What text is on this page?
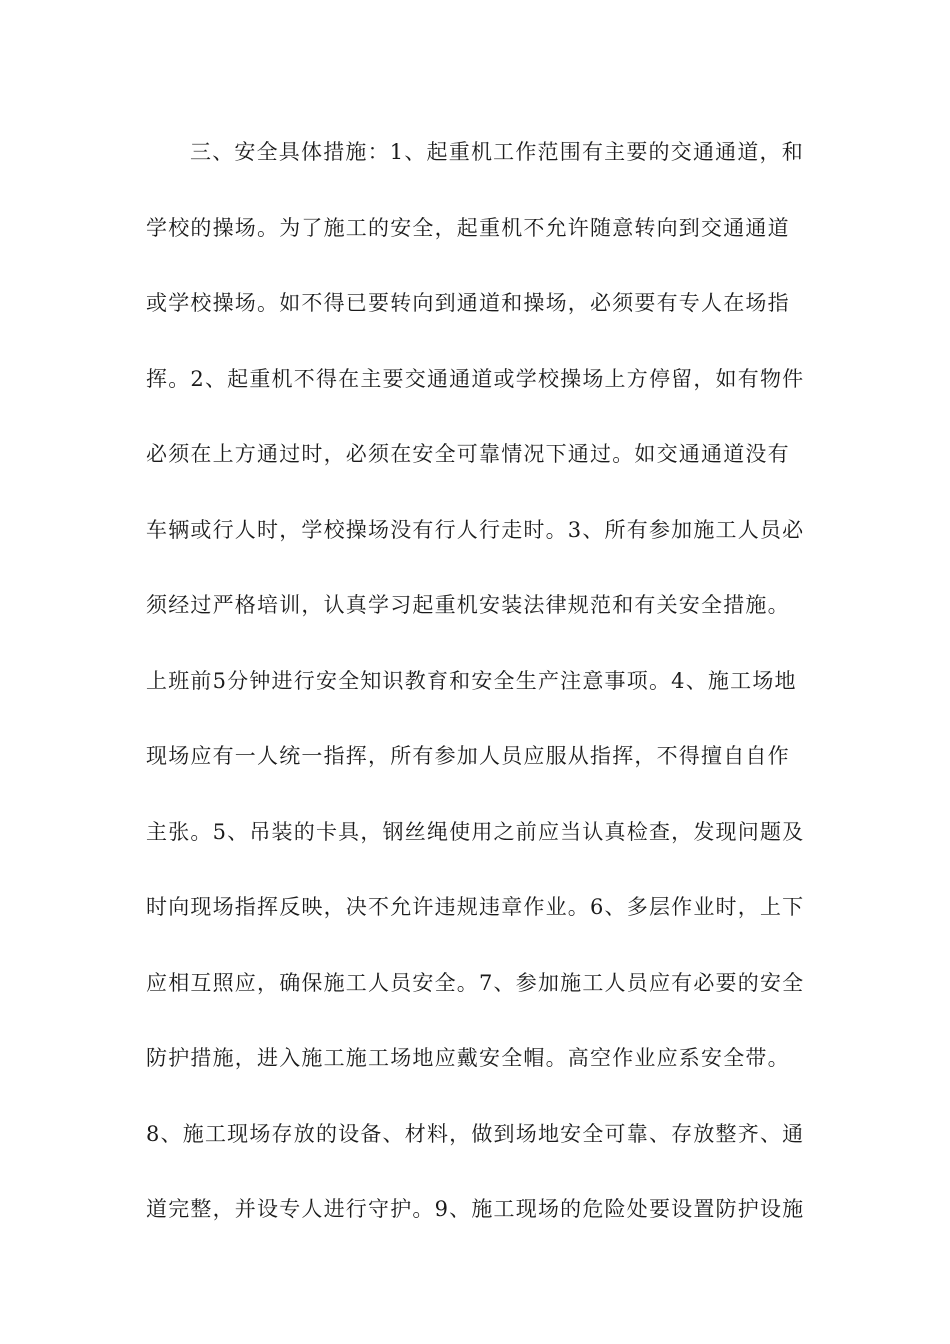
三、安全具体措施：1、起重机工作范围有主要的交通通道，和
学校的操场。为了施工的安全，起重机不允许随意转向到交通通道
或学校操场。如不得已要转向到通道和操场，必须要有专人在场指
挥。2、起重机不得在主要交通通道或学校操场上方停留，如有物件
必须在上方通过时，必须在安全可靠情况下通过。如交通通道没有
车辆或行人时，学校操场没有行人行走时。3、所有参加施工人员必
须经过严格培训，认真学习起重机安装法律规范和有关安全措施。
上班前5分钟进行安全知识教育和安全生产注意事项。4、施工场地
现场应有一人统一指挥，所有参加人员应服从指挥，不得擅自自作
主张。5、吊装的卡具，钢丝绳使用之前应当认真检查，发现问题及
时向现场指挥反映，决不允许违规违章作业。6、多层作业时，上下
应相互照应，确保施工人员安全。7、参加施工人员应有必要的安全
防护措施，进入施工施工场地应戴安全帽。高空作业应系安全带。
8、施工现场存放的设备、材料，做到场地安全可靠、存放整齐、通
道完整，并设专人进行守护。9、施工现场的危险处要设置防护设施
